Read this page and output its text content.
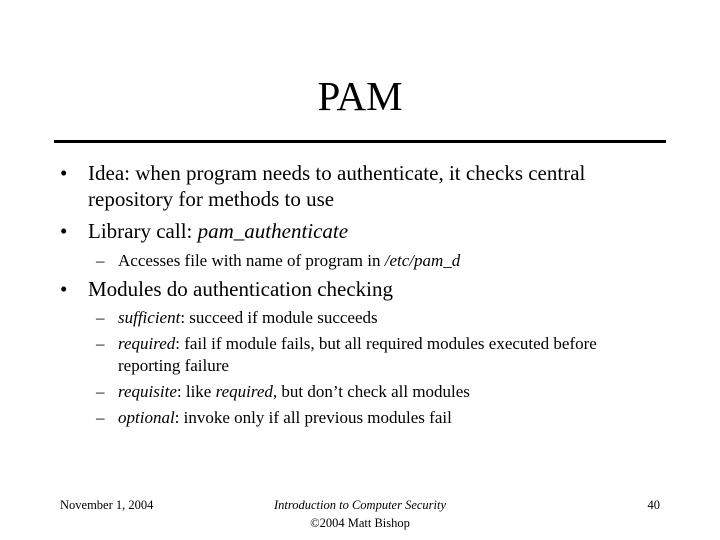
PAM
• Idea: when program needs to authenticate, it checks central repository for methods to use
• Library call: pam_authenticate
– Accesses file with name of program in /etc/pam_d
• Modules do authentication checking
– sufficient: succeed if module succeeds
– required: fail if module fails, but all required modules executed before reporting failure
– requisite: like required, but don’t check all modules
– optional: invoke only if all previous modules fail
November 1, 2004	Introduction to Computer Security
©2004 Matt Bishop
40
